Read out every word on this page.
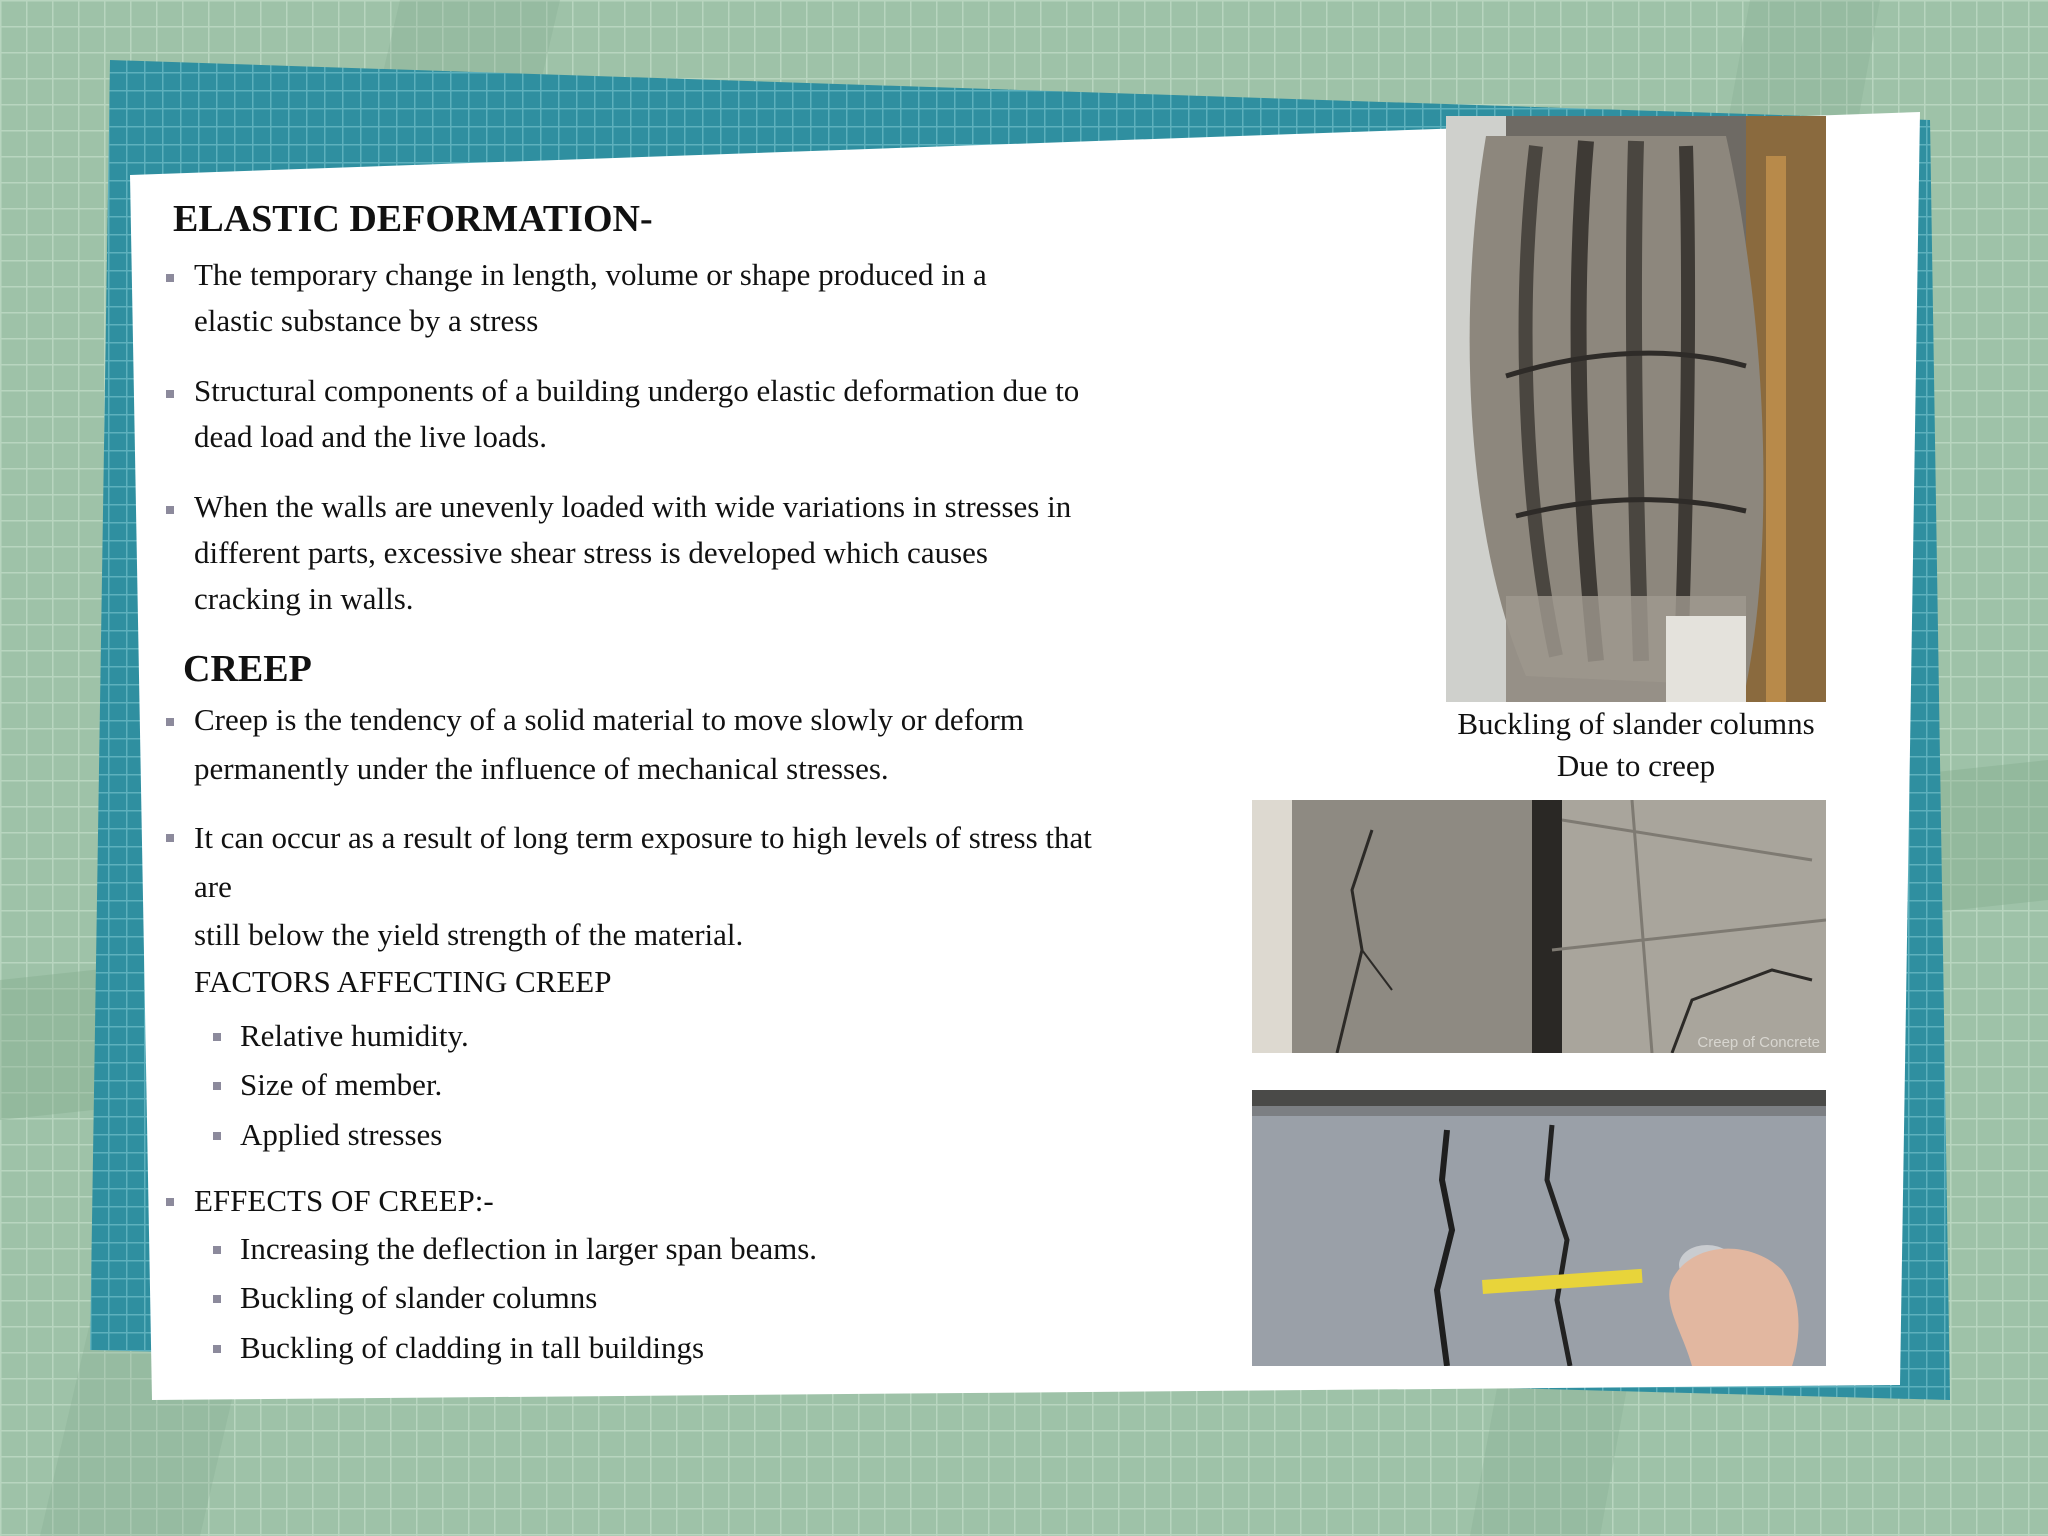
ELASTIC DEFORMATION-
The temporary change in length, volume or shape produced in a
elastic substance by a stress
Structural components of a building undergo elastic deformation due to
dead load and the live loads.
When the walls are unevenly loaded with wide variations in stresses in
different parts, excessive shear stress is developed which causes
cracking in walls.
CREEP
Creep is the tendency of a solid material to move slowly or deform
permanently under the influence of mechanical stresses.
It can occur as a result of long term exposure to high levels of stress that
are
still below the yield strength of the material.
FACTORS AFFECTING CREEP
Relative humidity.
Size of member.
Applied stresses
EFFECTS OF CREEP:-
Increasing the deflection in larger span beams.
Buckling of slander columns
Buckling of cladding in tall buildings
Buckling of slander columns
Due to creep
Creep of Concrete
